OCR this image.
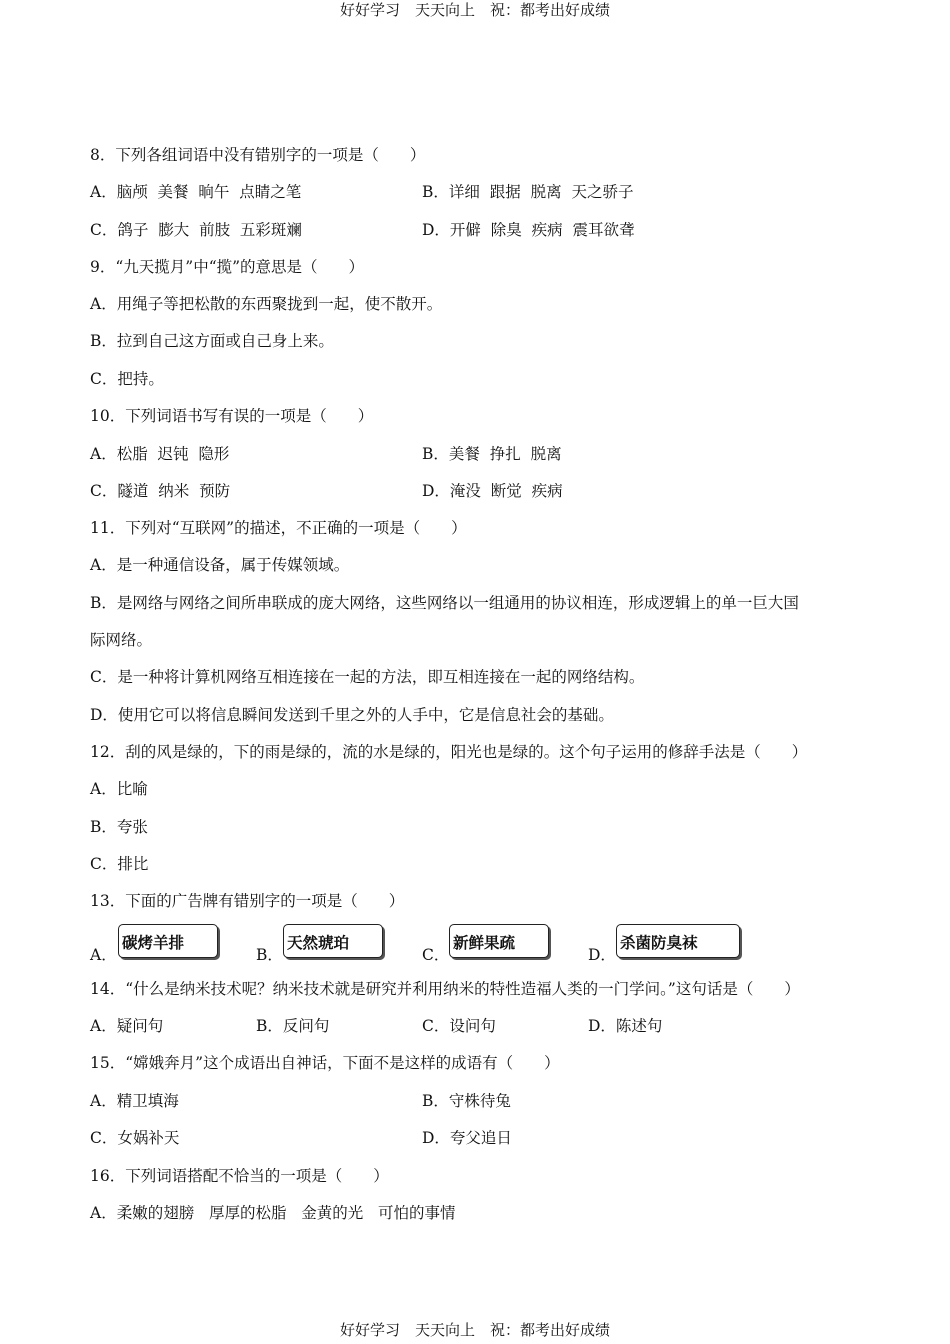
好好学习　天天向上　祝：都考出好成绩
8．下列各组词语中没有错别字的一项是（　　）
A．脑颅  美餐  晌午  点睛之笔	B．详细  跟据  脱离  天之骄子
C．鸽子  膨大  前肢  五彩斑斓	D．开僻  除臭  疾病  震耳欲聋
9．“九天揽月”中“揽”的意思是（　　）
A．用绳子等把松散的东西聚拢到一起，使不散开。
B．拉到自己这方面或自己身上来。
C．把持。
10．下列词语书写有误的一项是（　　）
A．松脂  迟钝  隐形	B．美餐  挣扎  脱离
C．隧道  纳米  预防	D．淹没  断觉  疾病
11．下列对“互联网”的描述，不正确的一项是（　　）
A．是一种通信设备，属于传媒领域。
B．是网络与网络之间所串联成的庞大网络，这些网络以一组通用的协议相连，形成逻辑上的单一巨大国
际网络。
C．是一种将计算机网络互相连接在一起的方法，即互相连接在一起的网络结构。
D．使用它可以将信息瞬间发送到千里之外的人手中，它是信息社会的基础。
12．刮的风是绿的，下的雨是绿的，流的水是绿的，阳光也是绿的。这个句子运用的修辞手法是（　　）
A．比喻
B．夸张
C．排比
13．下面的广告牌有错别字的一项是（　　）
A．
碳烤羊排
B．
天然琥珀
C．
新鲜果疏
D．
杀菌防臭袜
14．“什么是纳米技术呢？纳米技术就是研究并利用纳米的特性造福人类的一门学问。”这句话是（　　）
A．疑问句	B．反问句	C．设问句	D．陈述句
15．“嫦娥奔月”这个成语出自神话，下面不是这样的成语有（　　）
A．精卫填海	B．守株待兔
C．女娲补天	D．夸父追日
16．下列词语搭配不恰当的一项是（　　）
A．柔嫩的翅膀   厚厚的松脂   金黄的光   可怕的事情
好好学习　天天向上　祝：都考出好成绩
